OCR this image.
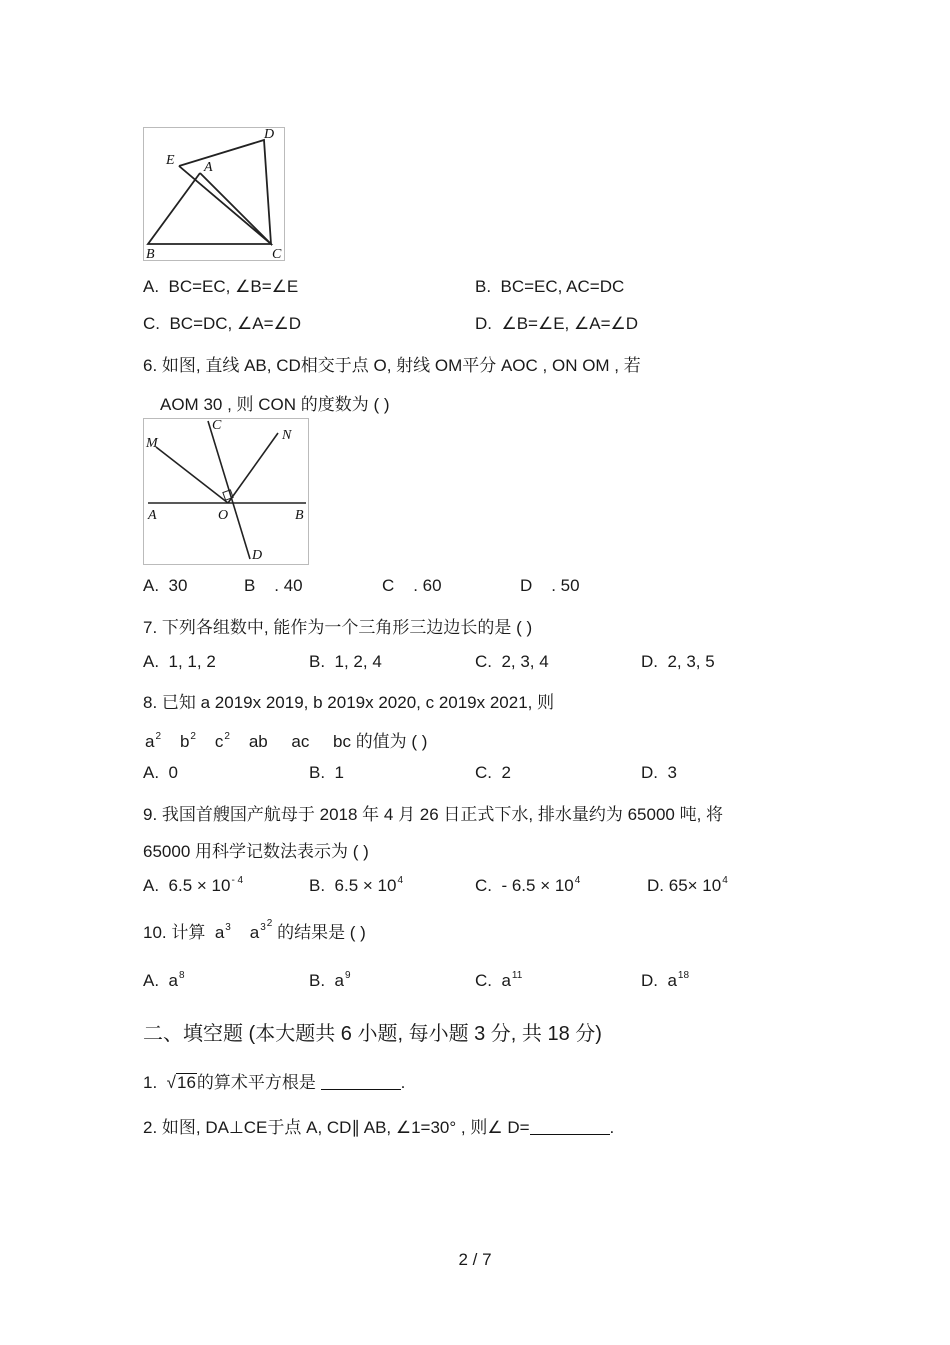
D
E A
B	C
A. BC=EC, ∠B=∠E	B. BC=EC, AC=DC
C. BC=DC, ∠A=∠D	D. ∠B=∠E, ∠A=∠D
6. 如图, 直线 AB, CD相交于点 O, 射线 OM平分 AOC , ON OM , 若
AOM 30 , 则 CON 的度数为 ( )
M
C
N
A	O	B
D
A. 30	B . 40	C . 60	D . 50
7. 下列各组数中, 能作为一个三角形三边边长的是 ( )
A. 1, 1, 2	B. 1, 2, 4	C. 2, 3, 4	D. 2, 3, 5
8. 已知 a 2019x 2019, b 2019x 2020, c 2019x 2021, 则
$a^2$ $b^2$ $c^2$ ab ac bc 的值为 ( )
A. 0	B. 1	C. 2	D. 3
9. 我国首艘国产航母于 2018 年 4 月 26 日正式下水, 排水量约为 65000 吨, 将
65000 用科学记数法表示为 ( )
A. $6.5 \times 10^{- 4}$	B. $6.5 \times 10^4$	C. - $6.5 \times 10^4$	D. $65\times 10^4$
10. 计算 $a^3$ $a^{32}$ 的结果是 ( )
A. $a^8$	B. $a^9$	C. $a^{11}$	D. $a^{18}$
二、填空题 (本大题共 6 小题, 每小题 3 分, 共 18 分)
1. √16的算术平方根是	.
2. 如图, DA⊥CE于点 A, CD∥ AB, ∠1=30° , 则∠ D=	.
2 / 7
